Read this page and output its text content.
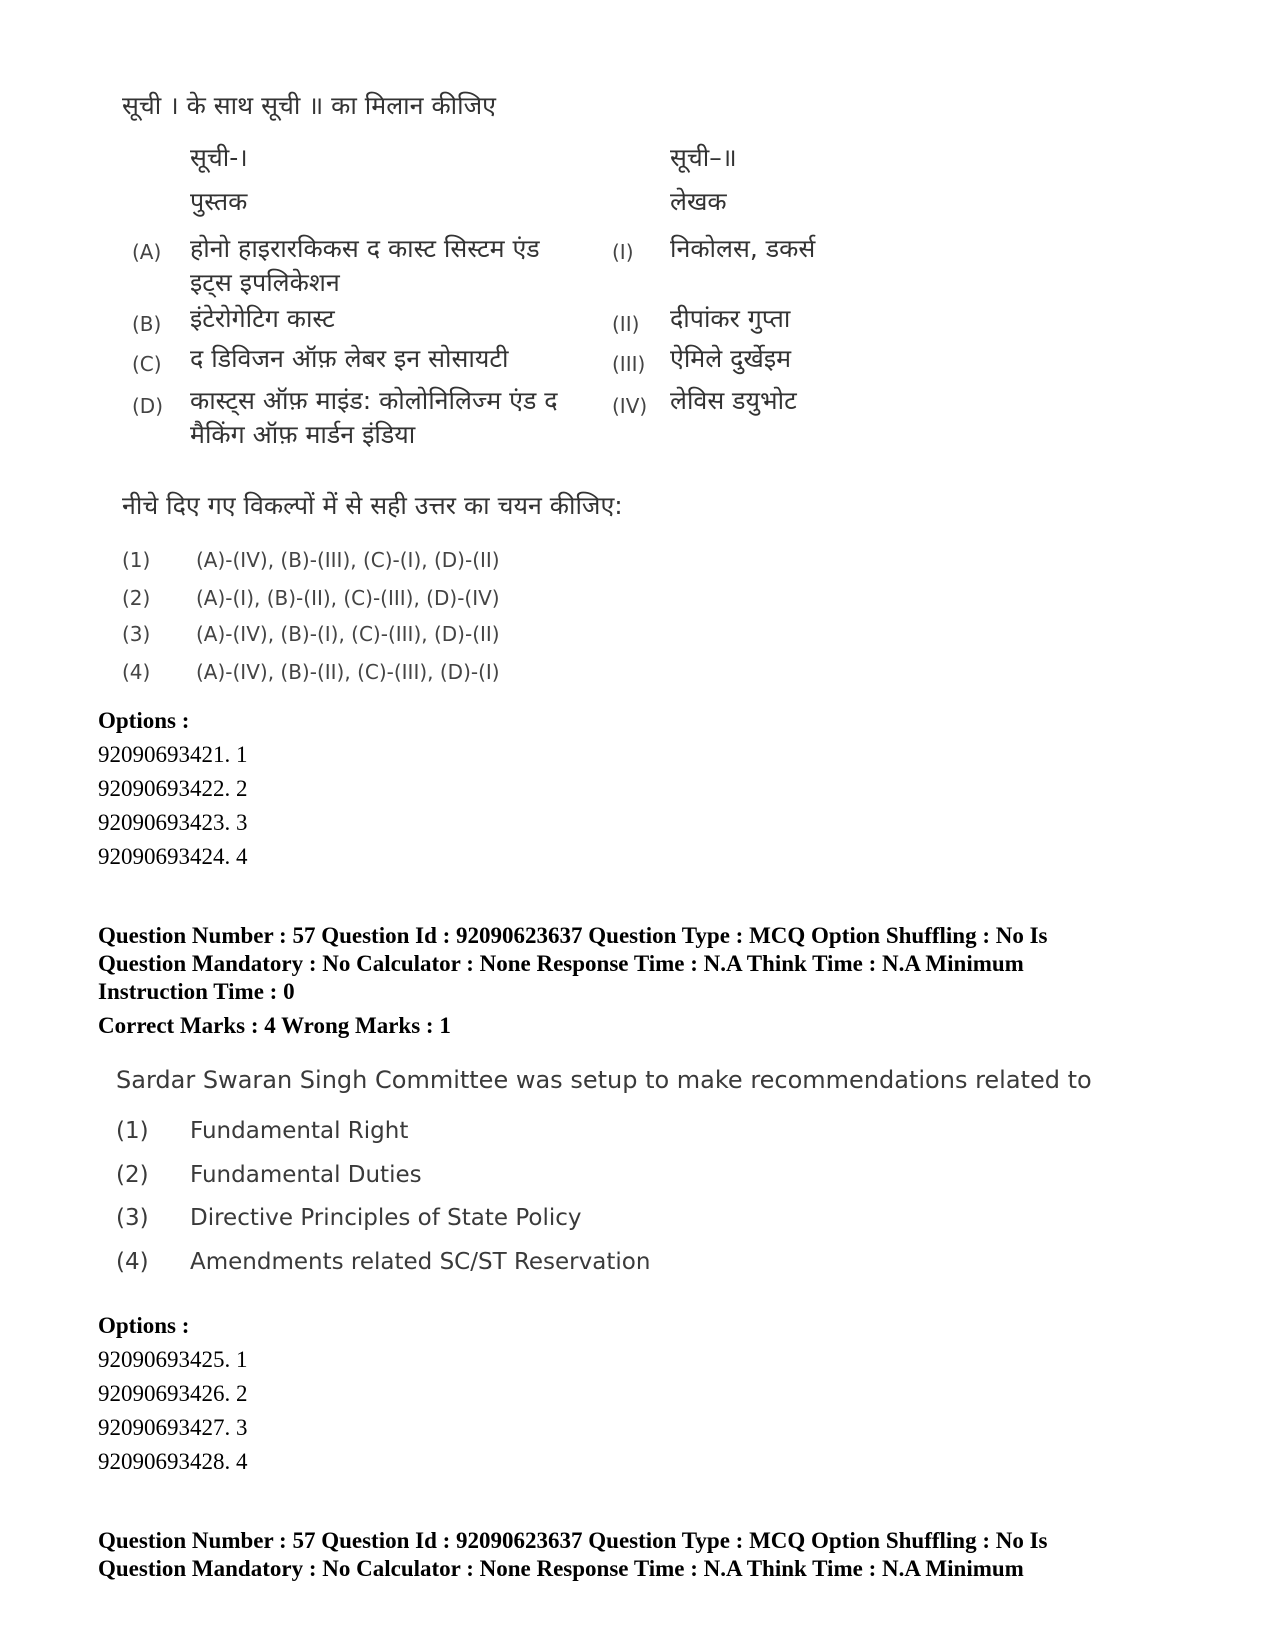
सूची । के साथ सूची ॥ का मिलान कीजिए
सूची-।
पुस्तक
सूची–॥
लेखक
(A) होनो हाइरारकिकस द कास्ट सिस्टम एंड
इट्स इपलिकेशन
(I) निकोलस, डकर्स
(B) इंटेरोगेटिग कास्ट	(II) दीपांकर गुप्ता
(C) द डिविजन ऑफ़ लेबर इन सोसायटी	(III) ऐमिले दुर्खेइम
(D) कास्ट्स ऑफ़ माइंड: कोलोनिलिज्म एंड द
मैकिंग ऑफ़ मार्डन इंडिया
(IV) लेविस डयुभोट
नीचे दिए गए विकल्पों में से सही उत्तर का चयन कीजिए:
(1) (A)-(IV), (B)-(III), (C)-(I), (D)-(II)
(2) (A)-(I), (B)-(II), (C)-(III), (D)-(IV)
(3) (A)-(IV), (B)-(I), (C)-(III), (D)-(II)
(4) (A)-(IV), (B)-(II), (C)-(III), (D)-(I)
Options :
92090693421. 1
92090693422. 2
92090693423. 3
92090693424. 4
Question Number : 57 Question Id : 92090623637 Question Type : MCQ Option Shuffling : No Is
Question Mandatory : No Calculator : None Response Time : N.A Think Time : N.A Minimum
Instruction Time : 0
Correct Marks : 4 Wrong Marks : 1
Sardar Swaran Singh Committee was setup to make recommendations related to
(1) Fundamental Right
(2) Fundamental Duties
(3) Directive Principles of State Policy
(4) Amendments related SC/ST Reservation
Options :
92090693425. 1
92090693426. 2
92090693427. 3
92090693428. 4
Question Number : 57 Question Id : 92090623637 Question Type : MCQ Option Shuffling : No Is
Question Mandatory : No Calculator : None Response Time : N.A Think Time : N.A Minimum
